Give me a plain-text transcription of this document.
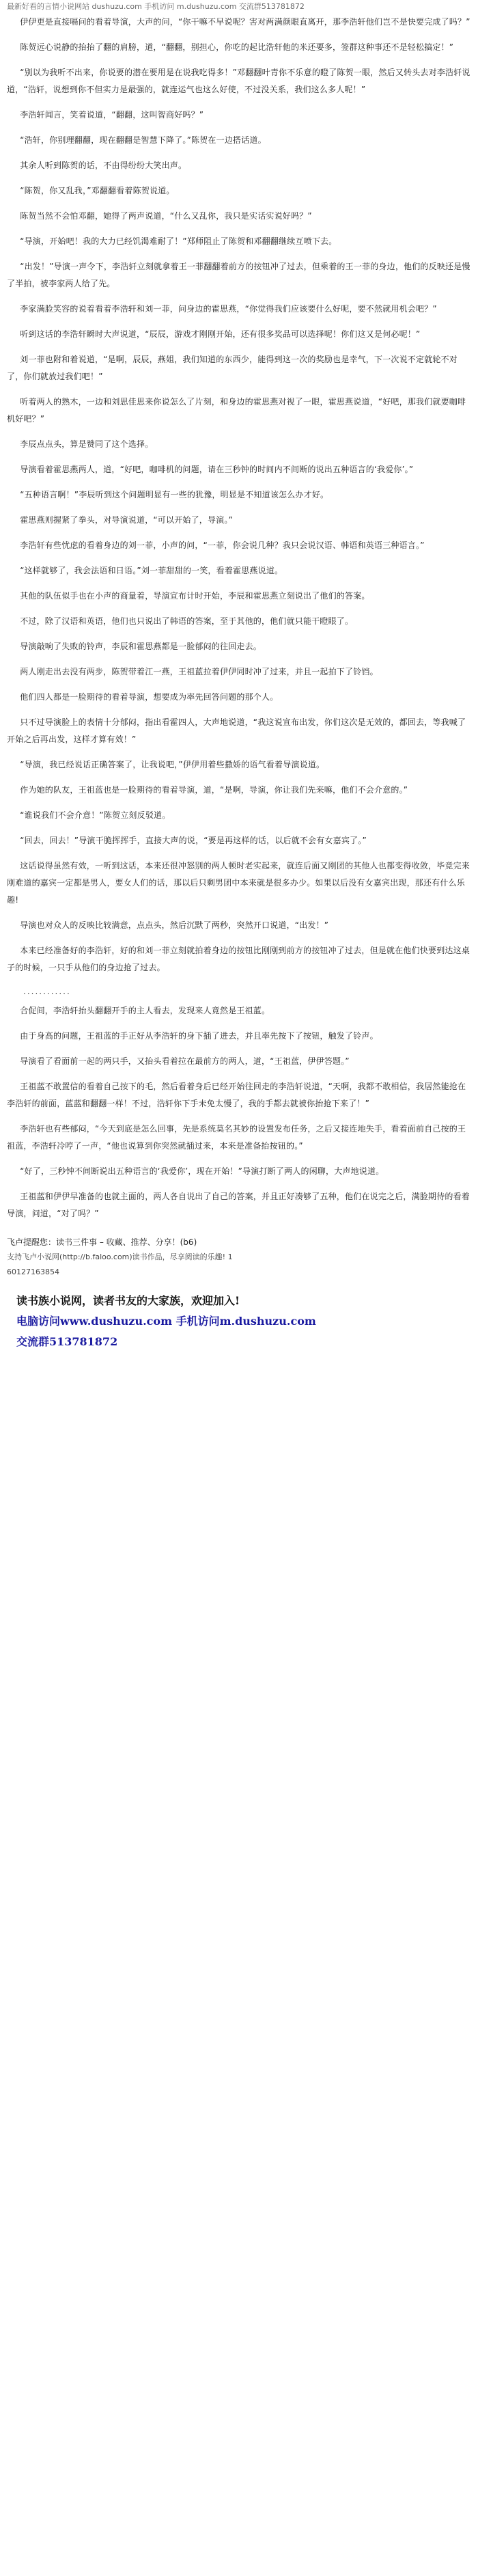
最新好看的言情小说网站 dushuzu.com 手机访问 m.dushuzu.com 交流群513781872

伊伊更是直接嗝问的看着导演，大声的问，“你干嘛不早说呢？害对两满颜眼直离开，那李浩轩他们岂不是快要完成了吗？”

陈贺远心说静的抬抬了翻的肩膀，道，“翻翻，别担心，你吃的起比浩轩他的米还要多，签群这种事还不是轻松搞定！”

“别以为我听不出来，你说要的潜在要用是在说我吃得多！”邓翻翻叶青你不乐意的瞪了陈贺一眼，然后又转头去对李浩轩说道，“浩轩，说想到你不但实力是最强的，就连运气也这么好使，不过没关系，我们这么多人呢！”

李浩轩闻言，笑着说道，“翻翻，这叫智商好吗？”

“浩轩，你别理翻翻，现在翻翻是智慧下降了。”陈贺在一边搭话道。

其余人听到陈贺的话，不由得纷纷大笑出声。

“陈贺，你又乱我，”邓翻翻看着陈贺说道。

陈贺当然不会怕邓翻，她得了两声说道，“什么又乱你，我只是实话实说好吗？”

“导演，开始吧！我的大力已经饥渴难耐了！”郑师阻止了陈贺和邓翻翻继续互喷下去。

“出发！”导演一声令下，李浩轩立刻就拿着王一菲翻翻着前方的按钮冲了过去，但乘着的王一菲的身边，他们的反映还是慢了半拍，被李家两人给了先。

李家满脸笑容的说着看着李浩轩和刘一菲，问身边的霍思燕，“你觉得我们应该要什么好呢，要不然就用机会吧？”

听到这话的李浩轩瞬时大声说道，“辰辰，游戏才刚刚开始，还有很多奖品可以选择呢！你们这又是何必呢！”

刘一菲也附和着说道，“是啊，辰辰，燕姐，我们知道的东西少，能得到这一次的奖励也是幸气，下一次说不定就轮不对了，你们就放过我们吧！”

听着两人的熟木，一边和刘思佳思来你说怎么了片刻，和身边的霍思燕对视了一眼，霍思燕说道，“好吧，那我们就要咖啡机好吧？”

李辰点点头，算是赞同了这个选择。

导演看着霍思燕两人，道，“好吧，咖啡机的问题，请在三秒钟的时间内不间断的说出五种语言的‘我爱你’。”

“五种语言啊！”李辰听到这个问题明显有一些的犹豫，明显是不知道该怎么办才好。

霍思燕则握紧了拳头，对导演说道，“可以开始了，导演。”

李浩轩有些忧虑的看着身边的刘一菲，小声的问，“一菲，你会说几种？我只会说汉语、韩语和英语三种语言。”

“这样就够了，我会法语和日语。”刘一菲甜甜的一笑，看着霍思燕说道。

其他的队伍似手也在小声的商量着，导演宣布计时开始，李辰和霍思燕立刻说出了他们的答案。

不过，除了汉语和英语，他们也只说出了韩语的答案，至于其他的，他们就只能干瞪眼了。

导演敲响了失败的铃声，李辰和霍思燕都是一脸郁闷的往回走去。

两人刚走出去没有两步，陈贺带着江一燕，王祖蓝拉着伊伊同时冲了过来，并且一起拍下了铃铛。

他们四人都是一脸期待的看着导演，想要成为率先回答问题的那个人。

只不过导演脸上的表情十分郁闷，指出看霍四人，大声地说道，“我这说宣布出发，你们这次是无效的，都回去，等我喊了开始之后再出发，这样才算有效！”

“导演，我已经说话正确答案了，让我说吧，”伊伊用着些撒娇的语气看着导演说道。

作为她的队友，王祖蓝也是一脸期待的看着导演，道，“是啊，导演，你让我们先来嘛，他们不会介意的。”

“谁说我们不会介意！”陈贺立刻反驳道。

“回去，回去！”导演干脆挥挥手，直接大声的说，“要是再这样的话，以后就不会有女嘉宾了。”

这话说得虽然有效，一听到这话，本来还很冲怒别的两人顿时老实起来，就连后面又刚团的其他人也都变得收敛，毕竟完来刚难道的嘉宾一定都是男人，要女人们的话，那以后只剩男团中本来就是很多办少。如果以后没有女嘉宾出现，那还有什么乐趣!

导演也对众人的反映比较满意，点点头，然后沉默了两秒，突然开口说道，“出发！”

本来已经准备好的李浩轩，好的和刘一菲立刻就拍着身边的按钮比刚刚到前方的按钮冲了过去，但是就在他们快要到达这桌子的时候，一只手从他们的身边抢了过去。

............

合促间，李浩轩抬头翻翻开手的主人看去，发现来人竟然是王祖蓝。

由于身高的问题，王祖蓝的手正好从李浩轩的身下插了进去，并且率先按下了按钮，触发了铃声。

导演看了看面前一起的两只手，又抬头看着拉在最前方的两人，道，“王祖蓝，伊伊答题。”

王祖蓝不敢置信的看着自己按下的毛，然后看着身后已经开始往回走的李浩轩说道，“天啊，我都不敢相信，我居然能抢在李浩轩的前面，蓝蓝和翻翻一样！不过，浩轩你下手未免太慢了，我的手都去就被你抬抢下来了！”

李浩轩也有些郁闷，“今天到底是怎么回事，先是系统莫名其妙的设置发布任务，之后又接连地失手，看着面前自己按的王祖蓝，李浩轩冷哼了一声，“他也说算到你突然就插过来，本来是准备抬按钮的。”

“好了，三秒钟不间断说出五种语言的‘我爱你’，现在开始！”导演打断了两人的闲聊，大声地说道。

王祖蓝和伊伊早准备的也就主面的，两人各自说出了自己的答案，并且正好凑够了五种，他们在说完之后，满脸期待的看着导演，问道，“对了吗？”

飞卢提醒您：读书三件事 – 收藏、推荐、分享！(b6)
支持飞卢小说网(http://b.faloo.com)读书作品，尽享阅读的乐趣! 1
60127163854
读书族小说网，读者书友的大家族，欢迎加入!
电脑访问www.dushuzu.com 手机访问m.dushuzu.com
交流群513781872
